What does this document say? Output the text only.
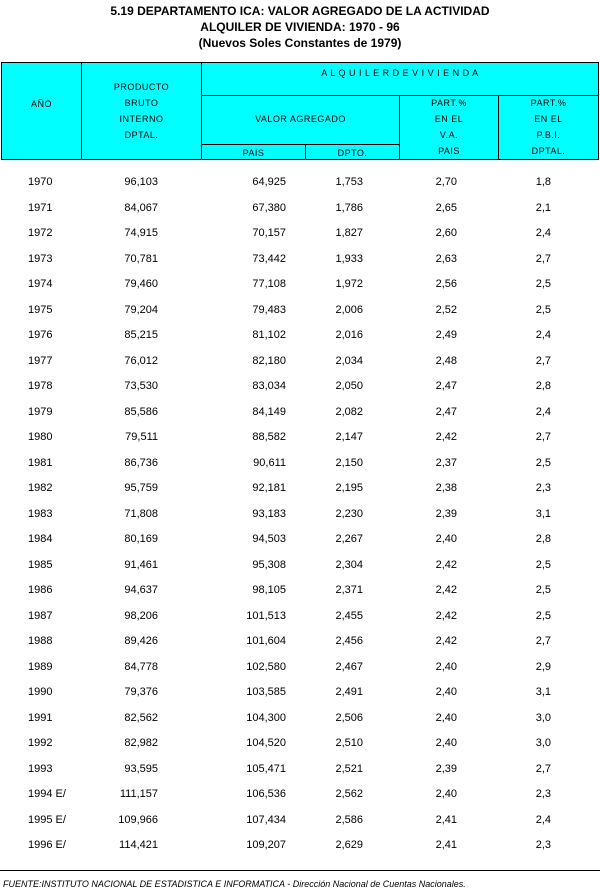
5.19 DEPARTAMENTO ICA: VALOR AGREGADO DE LA ACTIVIDAD
ALQUILER DE VIVIENDA: 1970 - 96
(Nuevos Soles Constantes de 1979)
AÑO
PRODUCTO
BRUTO
INTERNO
DPTAL.
A L Q U I L E R D E V I V I E N D A
VALOR AGREGADO
PAIS	DPTO.
PART.%
EN EL
V.A.
PAIS
PART.%
EN EL
P.B.I.
DPTAL.
1970	96,103	64,925	1,753	2,70	1,8
1971	84,067	67,380	1,786	2,65	2,1
1972	74,915	70,157	1,827	2,60	2,4
1973	70,781	73,442	1,933	2,63	2,7
1974	79,460	77,108	1,972	2,56	2,5
1975	79,204	79,483	2,006	2,52	2,5
1976	85,215	81,102	2,016	2,49	2,4
1977	76,012	82,180	2,034	2,48	2,7
1978	73,530	83,034	2,050	2,47	2,8
1979	85,586	84,149	2,082	2,47	2,4
1980	79,511	88,582	2,147	2,42	2,7
1981	86,736	90,611	2,150	2,37	2,5
1982	95,759	92,181	2,195	2,38	2,3
1983	71,808	93,183	2,230	2,39	3,1
1984	80,169	94,503	2,267	2,40	2,8
1985	91,461	95,308	2,304	2,42	2,5
1986	94,637	98,105	2,371	2,42	2,5
1987	98,206	101,513	2,455	2,42	2,5
1988	89,426	101,604	2,456	2,42	2,7
1989	84,778	102,580	2,467	2,40	2,9
1990	79,376	103,585	2,491	2,40	3,1
1991	82,562	104,300	2,506	2,40	3,0
1992	82,982	104,520	2,510	2,40	3,0
1993	93,595	105,471	2,521	2,39	2,7
1994 E/	111,157	106,536	2,562	2,40	2,3
1995 E/	109,966	107,434	2,586	2,41	2,4
1996 E/	114,421	109,207	2,629	2,41	2,3
FUENTE:INSTITUTO NACIONAL DE ESTADISTICA E INFORMATICA - Dirección Nacional de Cuentas Nacionales.
